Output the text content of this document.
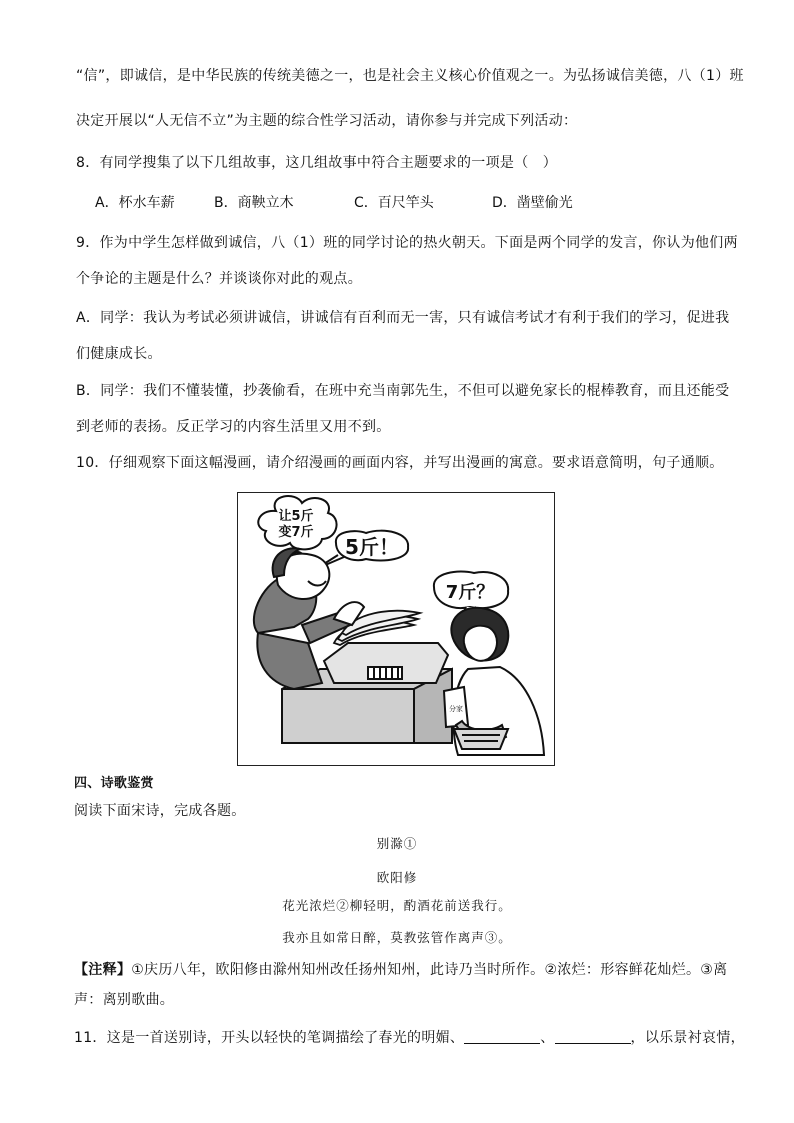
“信”，即诚信，是中华民族的传统美德之一，也是社会主义核心价值观之一。为弘扬诚信美德，八（1）班
决定开展以“人无信不立”为主题的综合性学习活动，请你参与并完成下列活动：
8．有同学搜集了以下几组故事，这几组故事中符合主题要求的一项是（　）
A．杯水车薪	B．商鞅立木	C．百尺竿头	D．凿壁偷光
9．作为中学生怎样做到诚信，八（1）班的同学讨论的热火朝天。下面是两个同学的发言，你认为他们两
个争论的主题是什么？并谈谈你对此的观点。
A．同学：我认为考试必须讲诚信，讲诚信有百利而无一害，只有诚信考试才有利于我们的学习，促进我
们健康成长。
B．同学：我们不懂装懂，抄袭偷看，在班中充当南郭先生，不但可以避免家长的棍棒教育，而且还能受
到老师的表扬。反正学习的内容生活里又用不到。
10．仔细观察下面这幅漫画，请介绍漫画的画面内容，并写出漫画的寓意。要求语意简明，句子通顺。
让5斤
变7斤
5斤！
7斤？
分家
四、诗歌鉴赏
阅读下面宋诗，完成各题。
别滁①
欧阳修
花光浓烂②柳轻明，酌酒花前送我行。
我亦且如常日醉，莫教弦管作离声③。
【注释】①庆历八年，欧阳修由滁州知州改任扬州知州，此诗乃当时所作。②浓烂：形容鲜花灿烂。③离
声：离别歌曲。
11．这是一首送别诗，开头以轻快的笔调描绘了春光的明媚、	、	，以乐景衬哀情，
